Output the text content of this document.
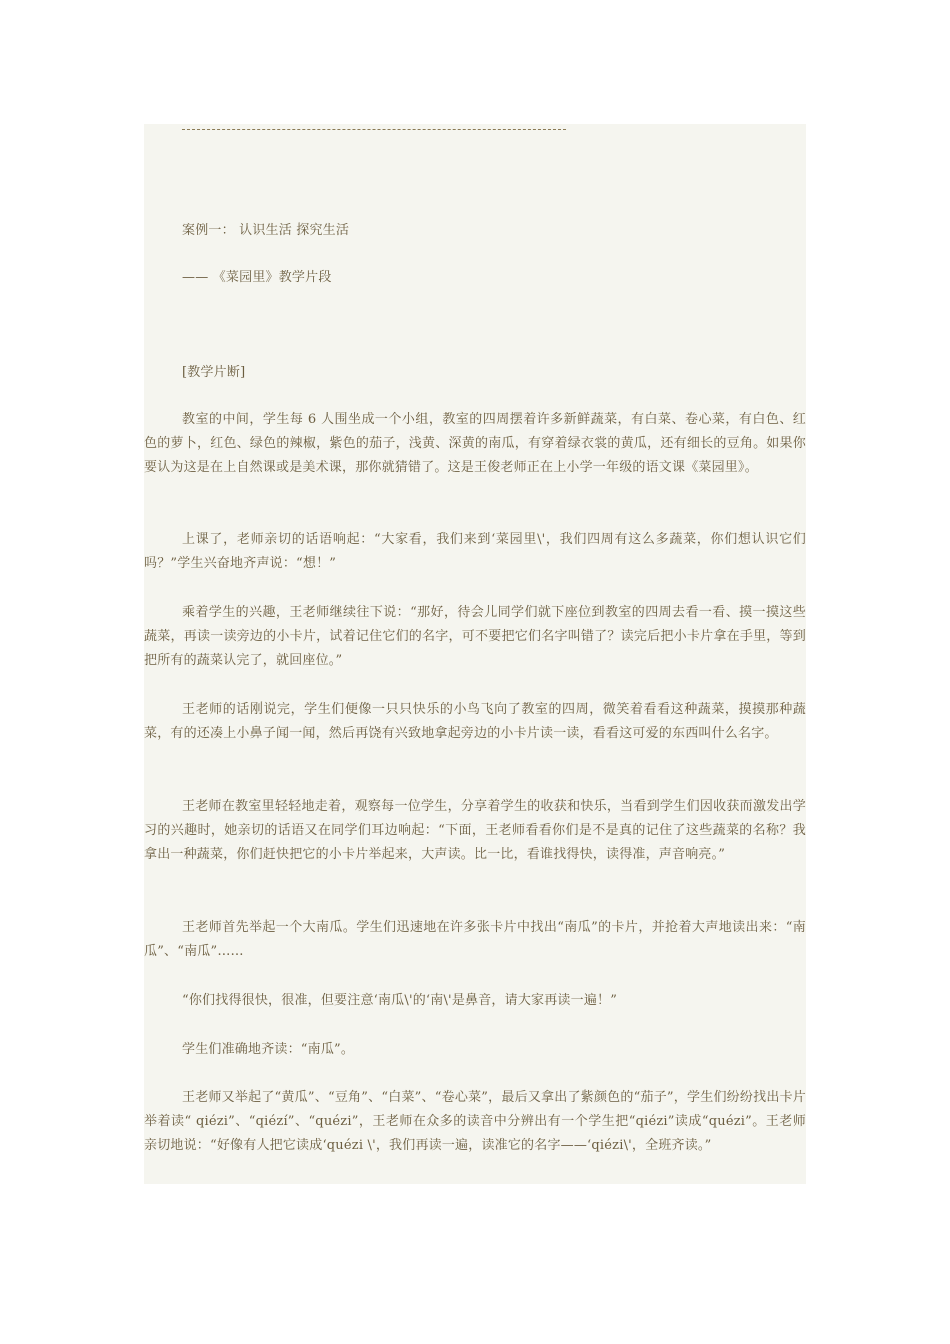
案例一： 认识生活 探究生活

—— 《菜园里》教学片段

[教学片断]

教室的中间，学生每 6 人围坐成一个小组，教室的四周摆着许多新鲜蔬菜，有白菜、卷心菜，有白色、红色的萝卜，红色、绿色的辣椒，紫色的茄子，浅黄、深黄的南瓜，有穿着绿衣裳的黄瓜，还有细长的豆角。如果你要认为这是在上自然课或是美术课，那你就猜错了。这是王俊老师正在上小学一年级的语文课《菜园里》。

上课了，老师亲切的话语响起：“大家看，我们来到‘菜园里\'，我们四周有这么多蔬菜，你们想认识它们吗？”学生兴奋地齐声说：“想！”

乘着学生的兴趣，王老师继续往下说：“那好，待会儿同学们就下座位到教室的四周去看一看、摸一摸这些蔬菜，再读一读旁边的小卡片，试着记住它们的名字，可不要把它们名字叫错了？读完后把小卡片拿在手里，等到把所有的蔬菜认完了，就回座位。”

王老师的话刚说完，学生们便像一只只快乐的小鸟飞向了教室的四周，微笑着看看这种蔬菜，摸摸那种蔬菜，有的还凑上小鼻子闻一闻，然后再饶有兴致地拿起旁边的小卡片读一读，看看这可爱的东西叫什么名字。

王老师在教室里轻轻地走着，观察每一位学生，分享着学生的收获和快乐，当看到学生们因收获而激发出学习的兴趣时，她亲切的话语又在同学们耳边响起：“下面，王老师看看你们是不是真的记住了这些蔬菜的名称？我拿出一种蔬菜，你们赶快把它的小卡片举起来，大声读。比一比，看谁找得快，读得准，声音响亮。”

王老师首先举起一个大南瓜。学生们迅速地在许多张卡片中找出“南瓜”的卡片，并抢着大声地读出来：“南瓜”、“南瓜”……

“你们找得很快，很准，但要注意‘南瓜\'的‘南\'是鼻音，请大家再读一遍！”

学生们准确地齐读：“南瓜”。

王老师又举起了“黄瓜”、“豆角”、“白菜”、“卷心菜”，最后又拿出了紫颜色的“茄子”，学生们纷纷找出卡片举着读“ qiézi”、“qiézí”、“quézi”，王老师在众多的读音中分辨出有一个学生把“qiézi”读成“quézi”。王老师亲切地说：“好像有人把它读成‘quézi \'，我们再读一遍，读准它的名字——‘qiézi\'，全班齐读。”
